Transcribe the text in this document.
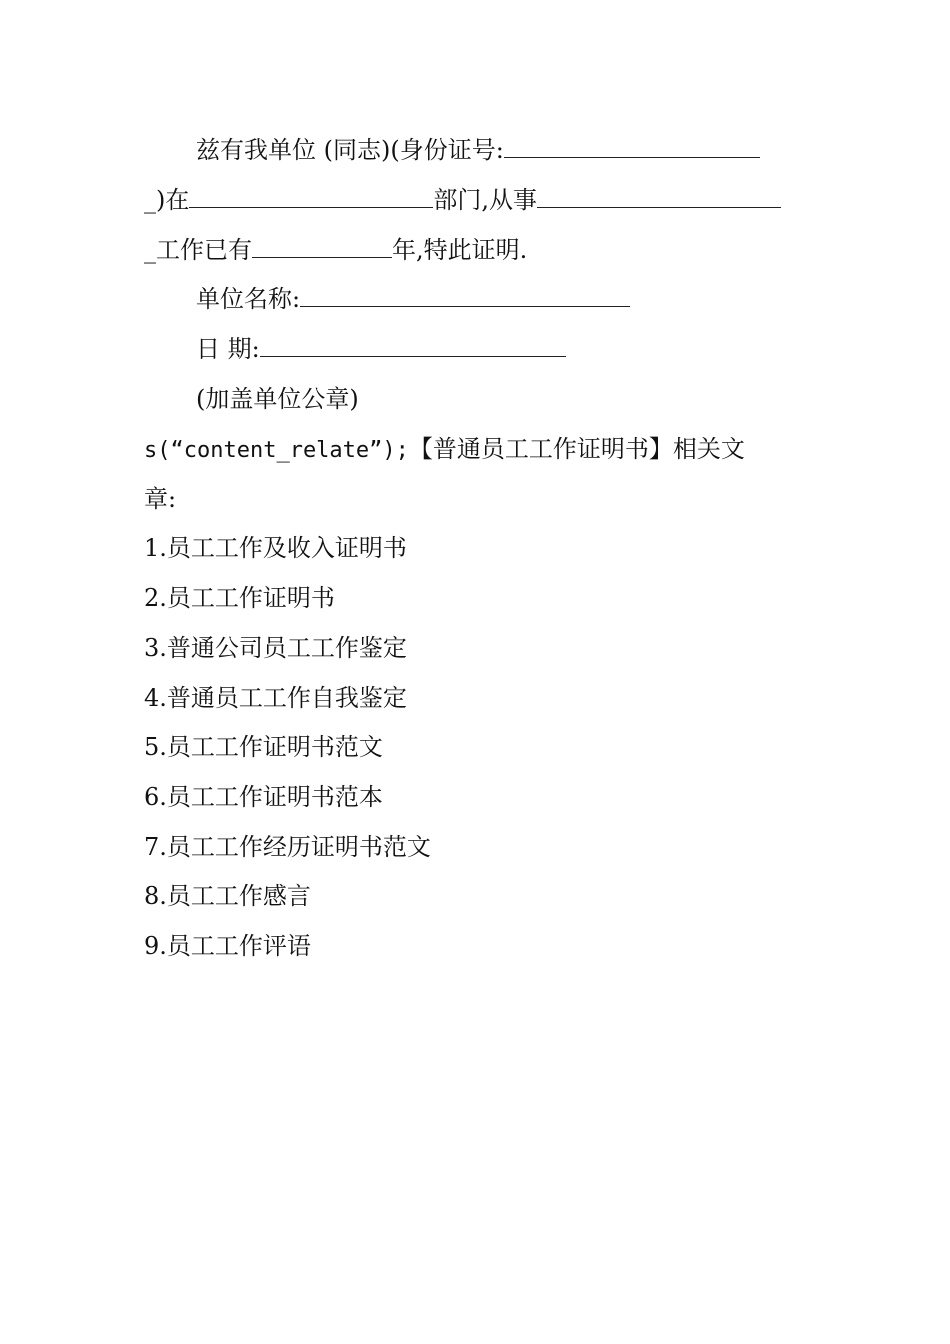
兹有我单位 (同志)(身份证号:
_)在	部门,从事
_工作已有	年,特此证明.
单位名称:
日 期:
(加盖单位公章)
s(“content_relate”);【普通员工工作证明书】相关文
章:
1.员工工作及收入证明书
2.员工工作证明书
3.普通公司员工工作鉴定
4.普通员工工作自我鉴定
5.员工工作证明书范文
6.员工工作证明书范本
7.员工工作经历证明书范文
8.员工工作感言
9.员工工作评语
